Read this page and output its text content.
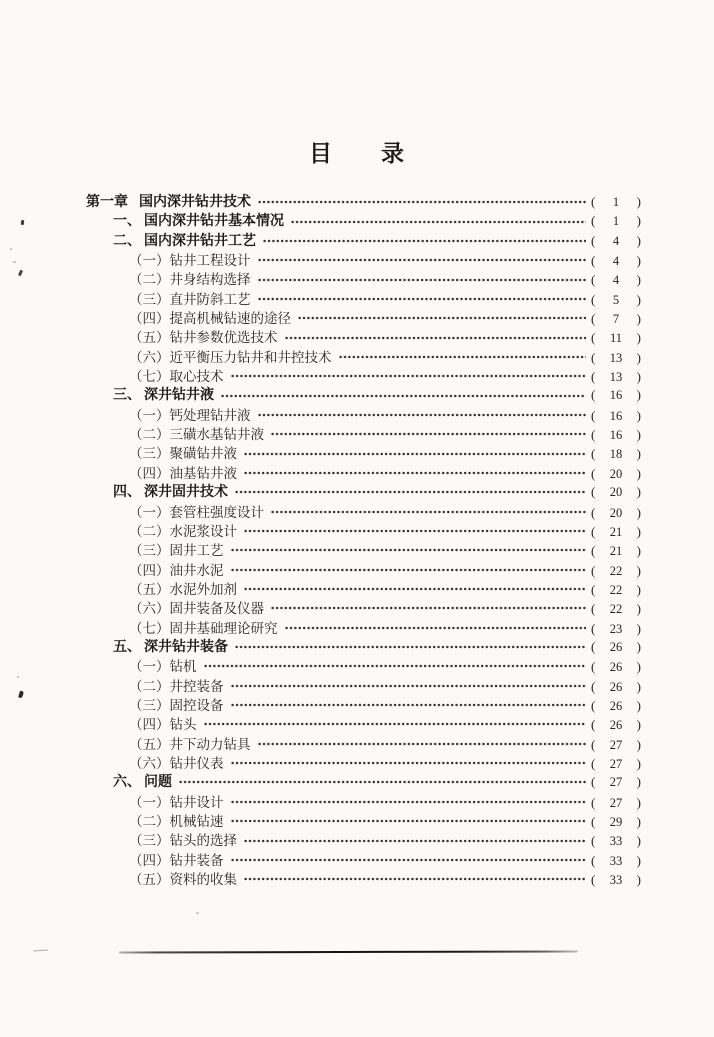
目　　录
第一章 国内深井钻井技术	(	1	)
一、 国内深井钻井基本情况	(	1	)
二、 国内深井钻井工艺	(	4	)
（一） 钻井工程设计	(	4	)
（二） 井身结构选择	(	4	)
（三） 直井防斜工艺	(	5	)
（四） 提高机械钻速的途径	(	7	)
（五） 钻井参数优选技术	(	11	)
（六） 近平衡压力钻井和井控技术	(	13	)
（七） 取心技术	(	13	)
三、 深井钻井液	(	16	)
（一） 钙处理钻井液	(	16	)
（二） 三磺水基钻井液	(	16	)
（三） 聚磺钻井液	(	18	)
（四） 油基钻井液	(	20	)
四、 深井固井技术	(	20	)
（一） 套管柱强度设计	(	20	)
（二） 水泥浆设计	(	21	)
（三） 固井工艺	(	21	)
（四） 油井水泥	(	22	)
（五） 水泥外加剂	(	22	)
（六） 固井装备及仪器	(	22	)
（七） 固井基础理论研究	(	23	)
五、 深井钻井装备	(	26	)
（一） 钻机	(	26	)
（二） 井控装备	(	26	)
（三） 固控设备	(	26	)
（四） 钻头	(	26	)
（五） 井下动力钻具	(	27	)
（六） 钻井仪表	(	27	)
六、 问题	(	27	)
（一） 钻井设计	(	27	)
（二） 机械钻速	(	29	)
（三） 钻头的选择	(	33	)
（四） 钻井装备	(	33	)
（五） 资料的收集	(	33	)
